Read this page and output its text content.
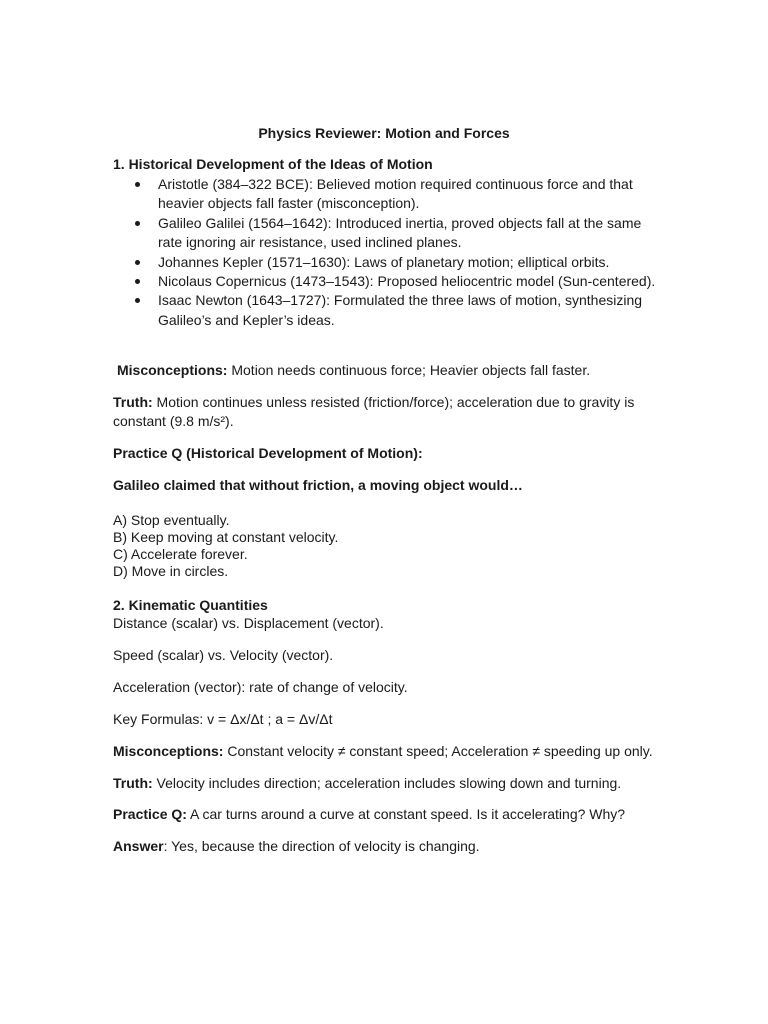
Physics Reviewer: Motion and Forces
1. Historical Development of the Ideas of Motion
Aristotle (384–322 BCE): Believed motion required continuous force and that
heavier objects fall faster (misconception).
Galileo Galilei (1564–1642): Introduced inertia, proved objects fall at the same
rate ignoring air resistance, used inclined planes.
Johannes Kepler (1571–1630): Laws of planetary motion; elliptical orbits.
Nicolaus Copernicus (1473–1543): Proposed heliocentric model (Sun-centered).
Isaac Newton (1643–1727): Formulated the three laws of motion, synthesizing
Galileo’s and Kepler’s ideas.
Misconceptions: Motion needs continuous force; Heavier objects fall faster.
Truth: Motion continues unless resisted (friction/force); acceleration due to gravity is
constant (9.8 m/s²).
Practice Q (Historical Development of Motion):
Galileo claimed that without friction, a moving object would…
A) Stop eventually.
B) Keep moving at constant velocity.
C) Accelerate forever.
D) Move in circles.
2. Kinematic Quantities
Distance (scalar) vs. Displacement (vector).
Speed (scalar) vs. Velocity (vector).
Acceleration (vector): rate of change of velocity.
Key Formulas: v = Δx/Δt ; a = Δv/Δt
Misconceptions: Constant velocity ≠ constant speed; Acceleration ≠ speeding up only.
Truth: Velocity includes direction; acceleration includes slowing down and turning.
Practice Q: A car turns around a curve at constant speed. Is it accelerating? Why?
Answer: Yes, because the direction of velocity is changing.
